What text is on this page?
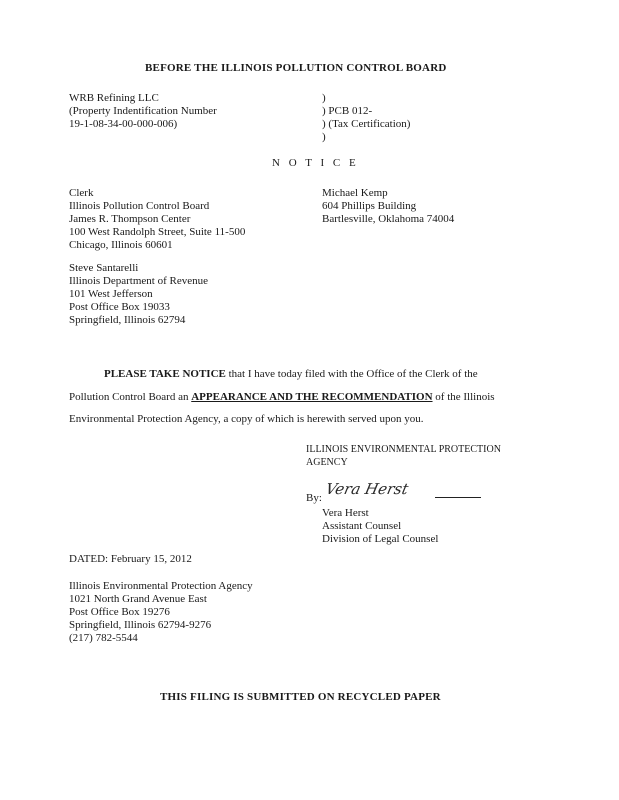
BEFORE THE ILLINOIS POLLUTION CONTROL BOARD
WRB Refining LLC
(Property Indentification Number
19-1-08-34-00-000-006)
)
) PCB 012-
) (Tax Certification)
)
N O T I C E
Clerk
Illinois Pollution Control Board
James R. Thompson Center
100 West Randolph Street, Suite 11-500
Chicago, Illinois 60601
Michael Kemp
604 Phillips Building
Bartlesville, Oklahoma 74004
Steve Santarelli
Illinois Department of Revenue
101 West Jefferson
Post Office Box 19033
Springfield, Illinois 62794
PLEASE TAKE NOTICE that I have today filed with the Office of the Clerk of the
Pollution Control Board an APPEARANCE AND THE RECOMMENDATION of the Illinois
Environmental Protection Agency, a copy of which is herewith served upon you.
ILLINOIS ENVIRONMENTAL PROTECTION
AGENCY
By: Vera Herst
Vera Herst
Assistant Counsel
Division of Legal Counsel
DATED: February 15, 2012
Illinois Environmental Protection Agency
1021 North Grand Avenue East
Post Office Box 19276
Springfield, Illinois 62794-9276
(217) 782-5544
THIS FILING IS SUBMITTED ON RECYCLED PAPER
